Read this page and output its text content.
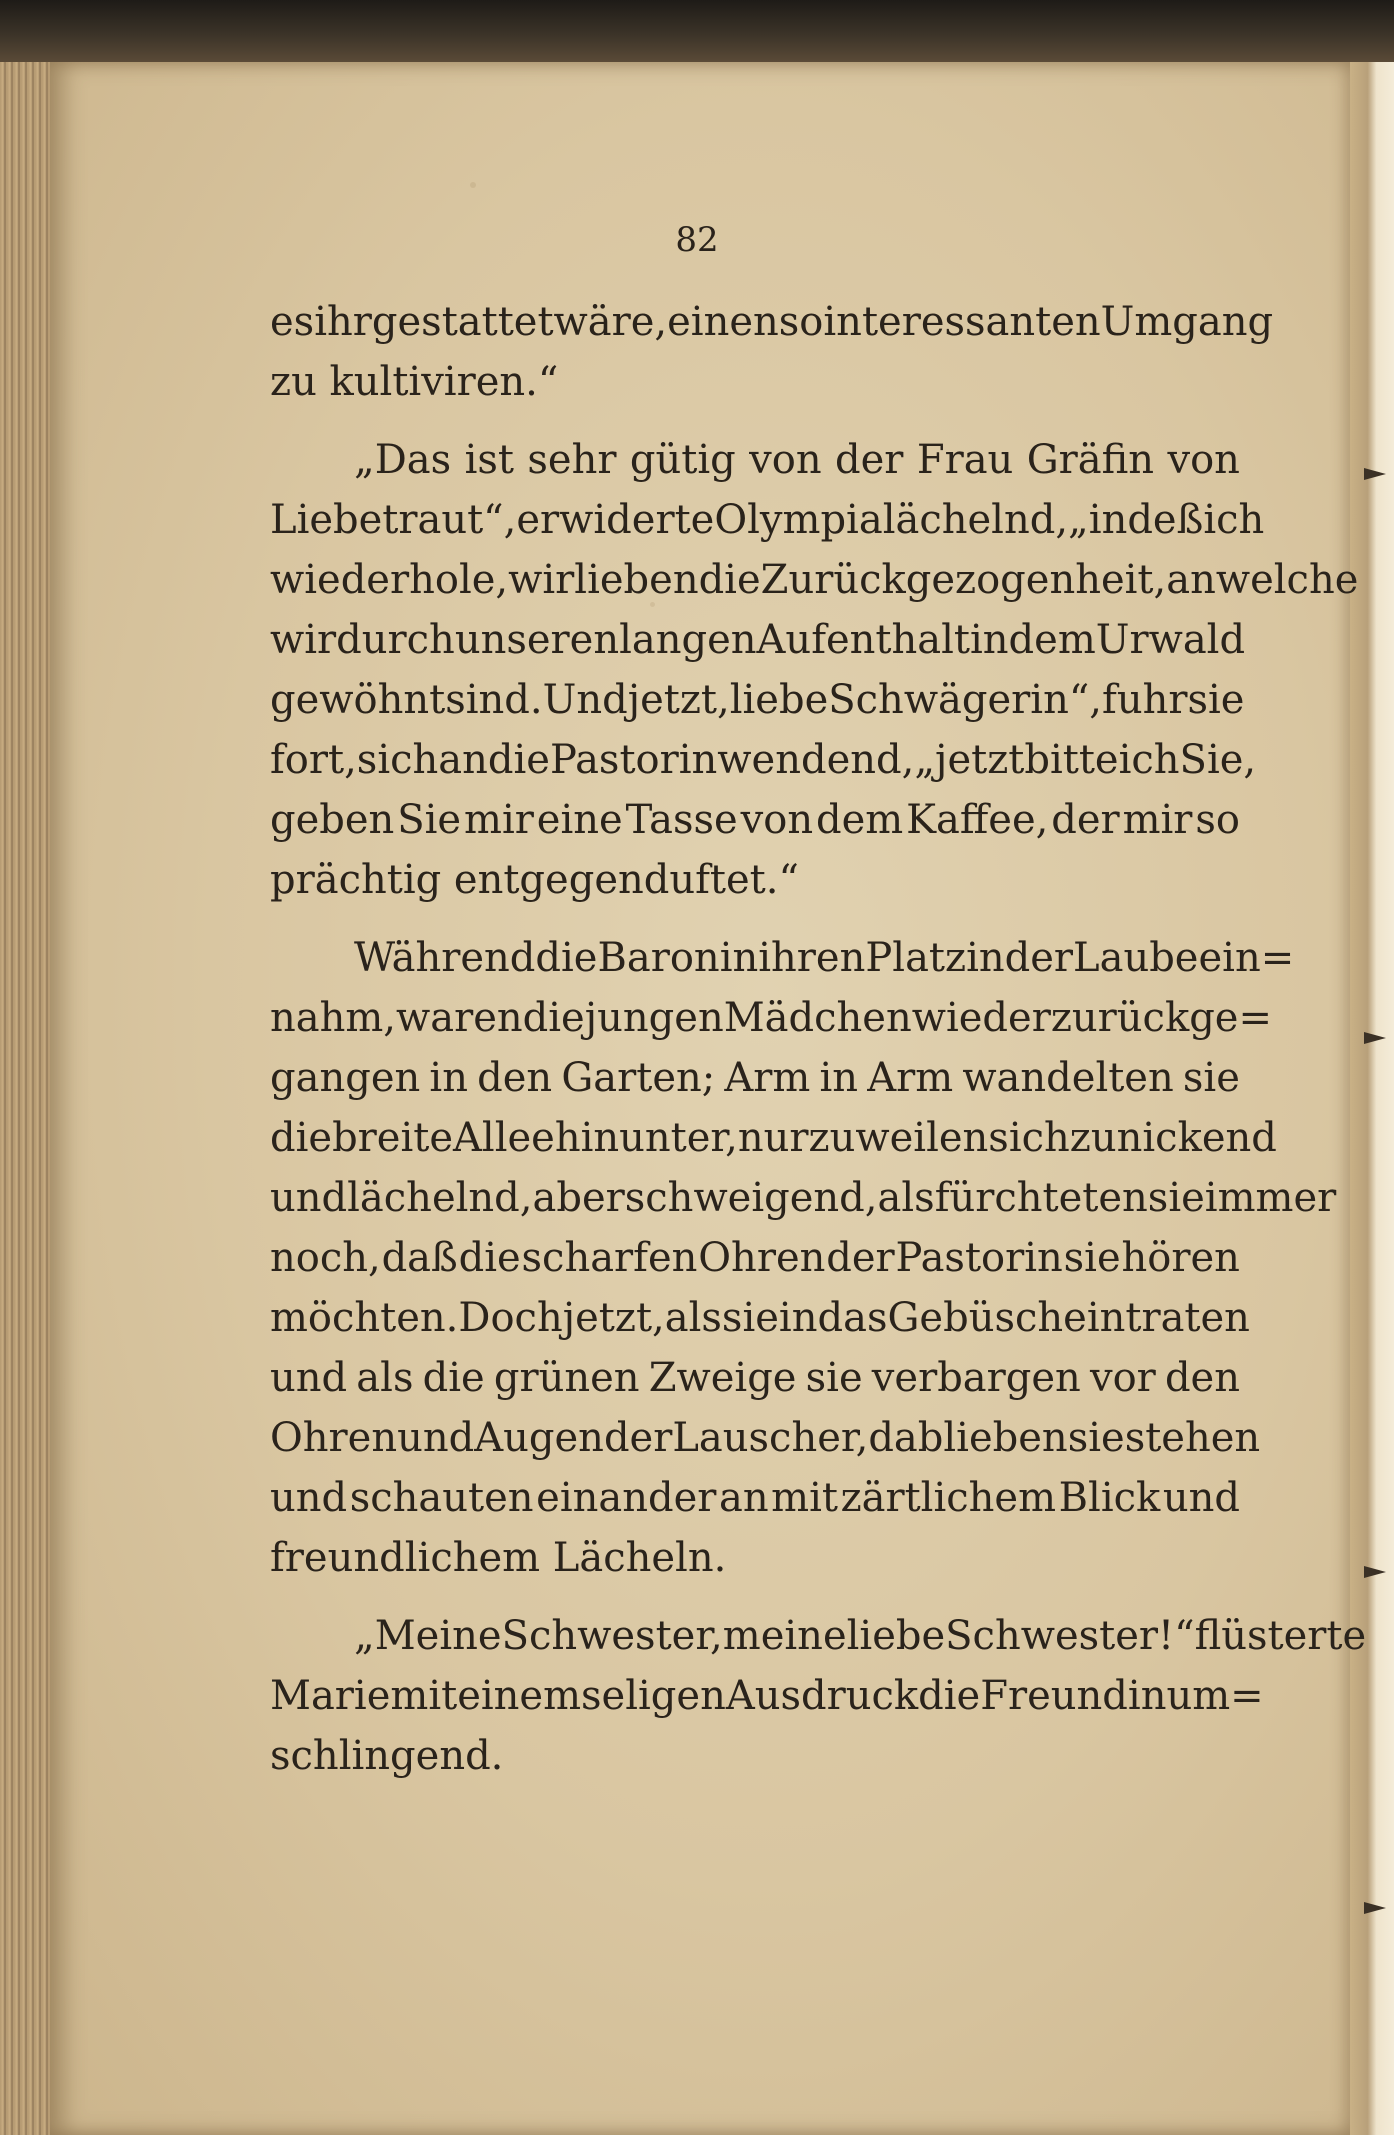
82

es ihr gestattet wäre, einen so interessanten Umgang
zu kultiviren.“
„Das ist sehr gütig von der Frau Gräfin von
Liebetraut“, erwiderte Olympia lächelnd, „indeß ich
wiederhole, wir lieben die Zurückgezogenheit, an welche
wir durch unseren langen Aufenthalt in dem Urwald
gewöhnt sind. Und jetzt, liebe Schwägerin“, fuhr sie
fort, sich an die Pastorin wendend, „jetzt bitte ich Sie,
geben Sie mir eine Tasse von dem Kaffee, der mir so
prächtig entgegenduftet.“
Während die Baronin ihren Platz in der Laube ein=
nahm, waren die jungen Mädchen wieder zurückge=
gangen in den Garten; Arm in Arm wandelten sie
die breite Allee hinunter, nur zuweilen sich zunickend
und lächelnd, aber schweigend, als fürchteten sie immer
noch, daß die scharfen Ohren der Pastorin sie hören
möchten. Doch jetzt, als sie in das Gebüsch eintraten
und als die grünen Zweige sie verbargen vor den
Ohren und Augen der Lauscher, da blieben sie stehen
und schauten einander an mit zärtlichem Blick und
freundlichem Lächeln.
„Meine Schwester, meine liebe Schwester!“ flüsterte
Marie mit einem seligen Ausdruck die Freundin um=
schlingend.
